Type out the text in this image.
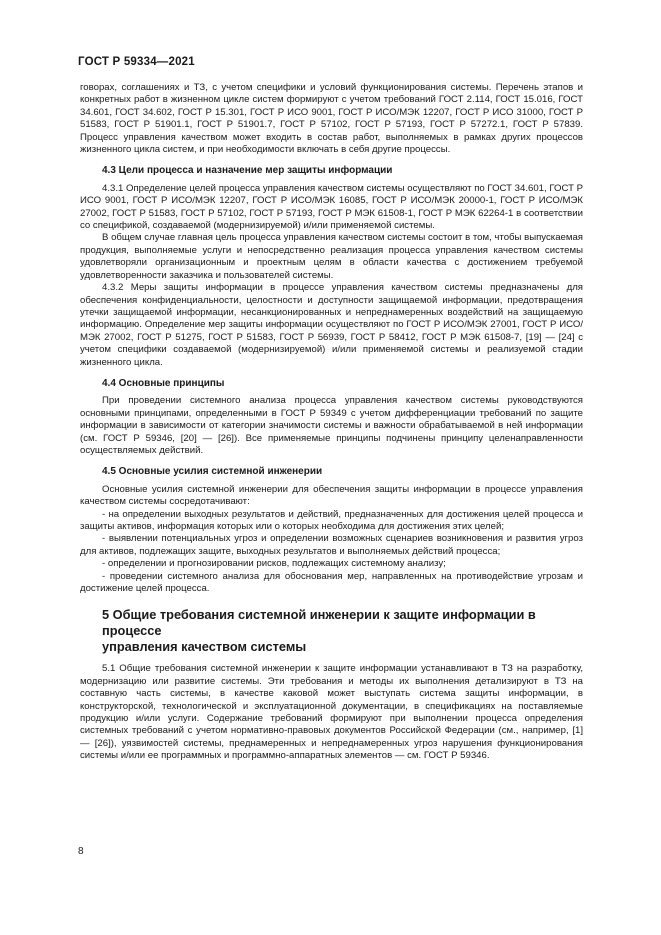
ГОСТ Р 59334—2021

говорах, соглашениях и ТЗ, с учетом специфики и условий функционирования системы. Перечень этапов и конкретных работ в жизненном цикле систем формируют с учетом требований ГОСТ 2.114, ГОСТ 15.016, ГОСТ 34.601, ГОСТ 34.602, ГОСТ Р 15.301, ГОСТ Р ИСО 9001, ГОСТ Р ИСО/МЭК 12207, ГОСТ Р ИСО 31000, ГОСТ Р 51583, ГОСТ Р 51901.1, ГОСТ Р 51901.7, ГОСТ Р 57102, ГОСТ Р 57193, ГОСТ Р 57272.1, ГОСТ Р 57839. Процесс управления качеством может входить в состав работ, выполняемых в рамках других процессов жизненного цикла систем, и при необходимости включать в себя другие процессы.

4.3 Цели процесса и назначение мер защиты информации

4.3.1 Определение целей процесса управления качеством системы осуществляют по ГОСТ 34.601, ГОСТ Р ИСО 9001, ГОСТ Р ИСО/МЭК 12207, ГОСТ Р ИСО/МЭК 16085, ГОСТ Р ИСО/МЭК 20000-1, ГОСТ Р ИСО/МЭК 27002, ГОСТ Р 51583, ГОСТ Р 57102, ГОСТ Р 57193, ГОСТ Р МЭК 61508-1, ГОСТ Р МЭК 62264-1 в соответствии со спецификой, создаваемой (модернизируемой) и/или применяемой системы.

В общем случае главная цель процесса управления качеством системы состоит в том, чтобы выпускаемая продукция, выполняемые услуги и непосредственно реализация процесса управления качеством системы удовлетворяли организационным и проектным целям в области качества с достижением требуемой удовлетворенности заказчика и пользователей системы.

4.3.2 Меры защиты информации в процессе управления качеством системы предназначены для обеспечения конфиденциальности, целостности и доступности защищаемой информации, предотвращения утечки защищаемой информации, несанкционированных и непреднамеренных воздействий на защищаемую информацию. Определение мер защиты информации осуществляют по ГОСТ Р ИСО/МЭК 27001, ГОСТ Р ИСО/МЭК 27002, ГОСТ Р 51275, ГОСТ Р 51583, ГОСТ Р 56939, ГОСТ Р 58412, ГОСТ Р МЭК 61508-7, [19] — [24] с учетом специфики создаваемой (модернизируемой) и/или применяемой системы и реализуемой стадии жизненного цикла.

4.4 Основные принципы

При проведении системного анализа процесса управления качеством системы руководствуются основными принципами, определенными в ГОСТ Р 59349 с учетом дифференциации требований по защите информации в зависимости от категории значимости системы и важности обрабатываемой в ней информации (см. ГОСТ Р 59346, [20] — [26]). Все применяемые принципы подчинены принципу целенаправленности осуществляемых действий.

4.5 Основные усилия системной инженерии

Основные усилия системной инженерии для обеспечения защиты информации в процессе управления качеством системы сосредотачивают:

- на определении выходных результатов и действий, предназначенных для достижения целей процесса и защиты активов, информация которых или о которых необходима для достижения этих целей;

- выявлении потенциальных угроз и определении возможных сценариев возникновения и развития угроз для активов, подлежащих защите, выходных результатов и выполняемых действий процесса;

- определении и прогнозировании рисков, подлежащих системному анализу;

- проведении системного анализа для обоснования мер, направленных на противодействие угрозам и достижение целей процесса.

5 Общие требования системной инженерии к защите информации в процессе
управления качеством системы

5.1 Общие требования системной инженерии к защите информации устанавливают в ТЗ на разработку, модернизацию или развитие системы. Эти требования и методы их выполнения детализируют в ТЗ на составную часть системы, в качестве каковой может выступать система защиты информации, в конструкторской, технологической и эксплуатационной документации, в спецификациях на поставляемые продукцию и/или услуги. Содержание требований формируют при выполнении процесса определения системных требований с учетом нормативно-правовых документов Российской Федерации (см., например, [1] — [26]), уязвимостей системы, преднамеренных и непреднамеренных угроз нарушения функционирования системы и/или ее программных и программно-аппаратных элементов — см. ГОСТ Р 59346.

8
